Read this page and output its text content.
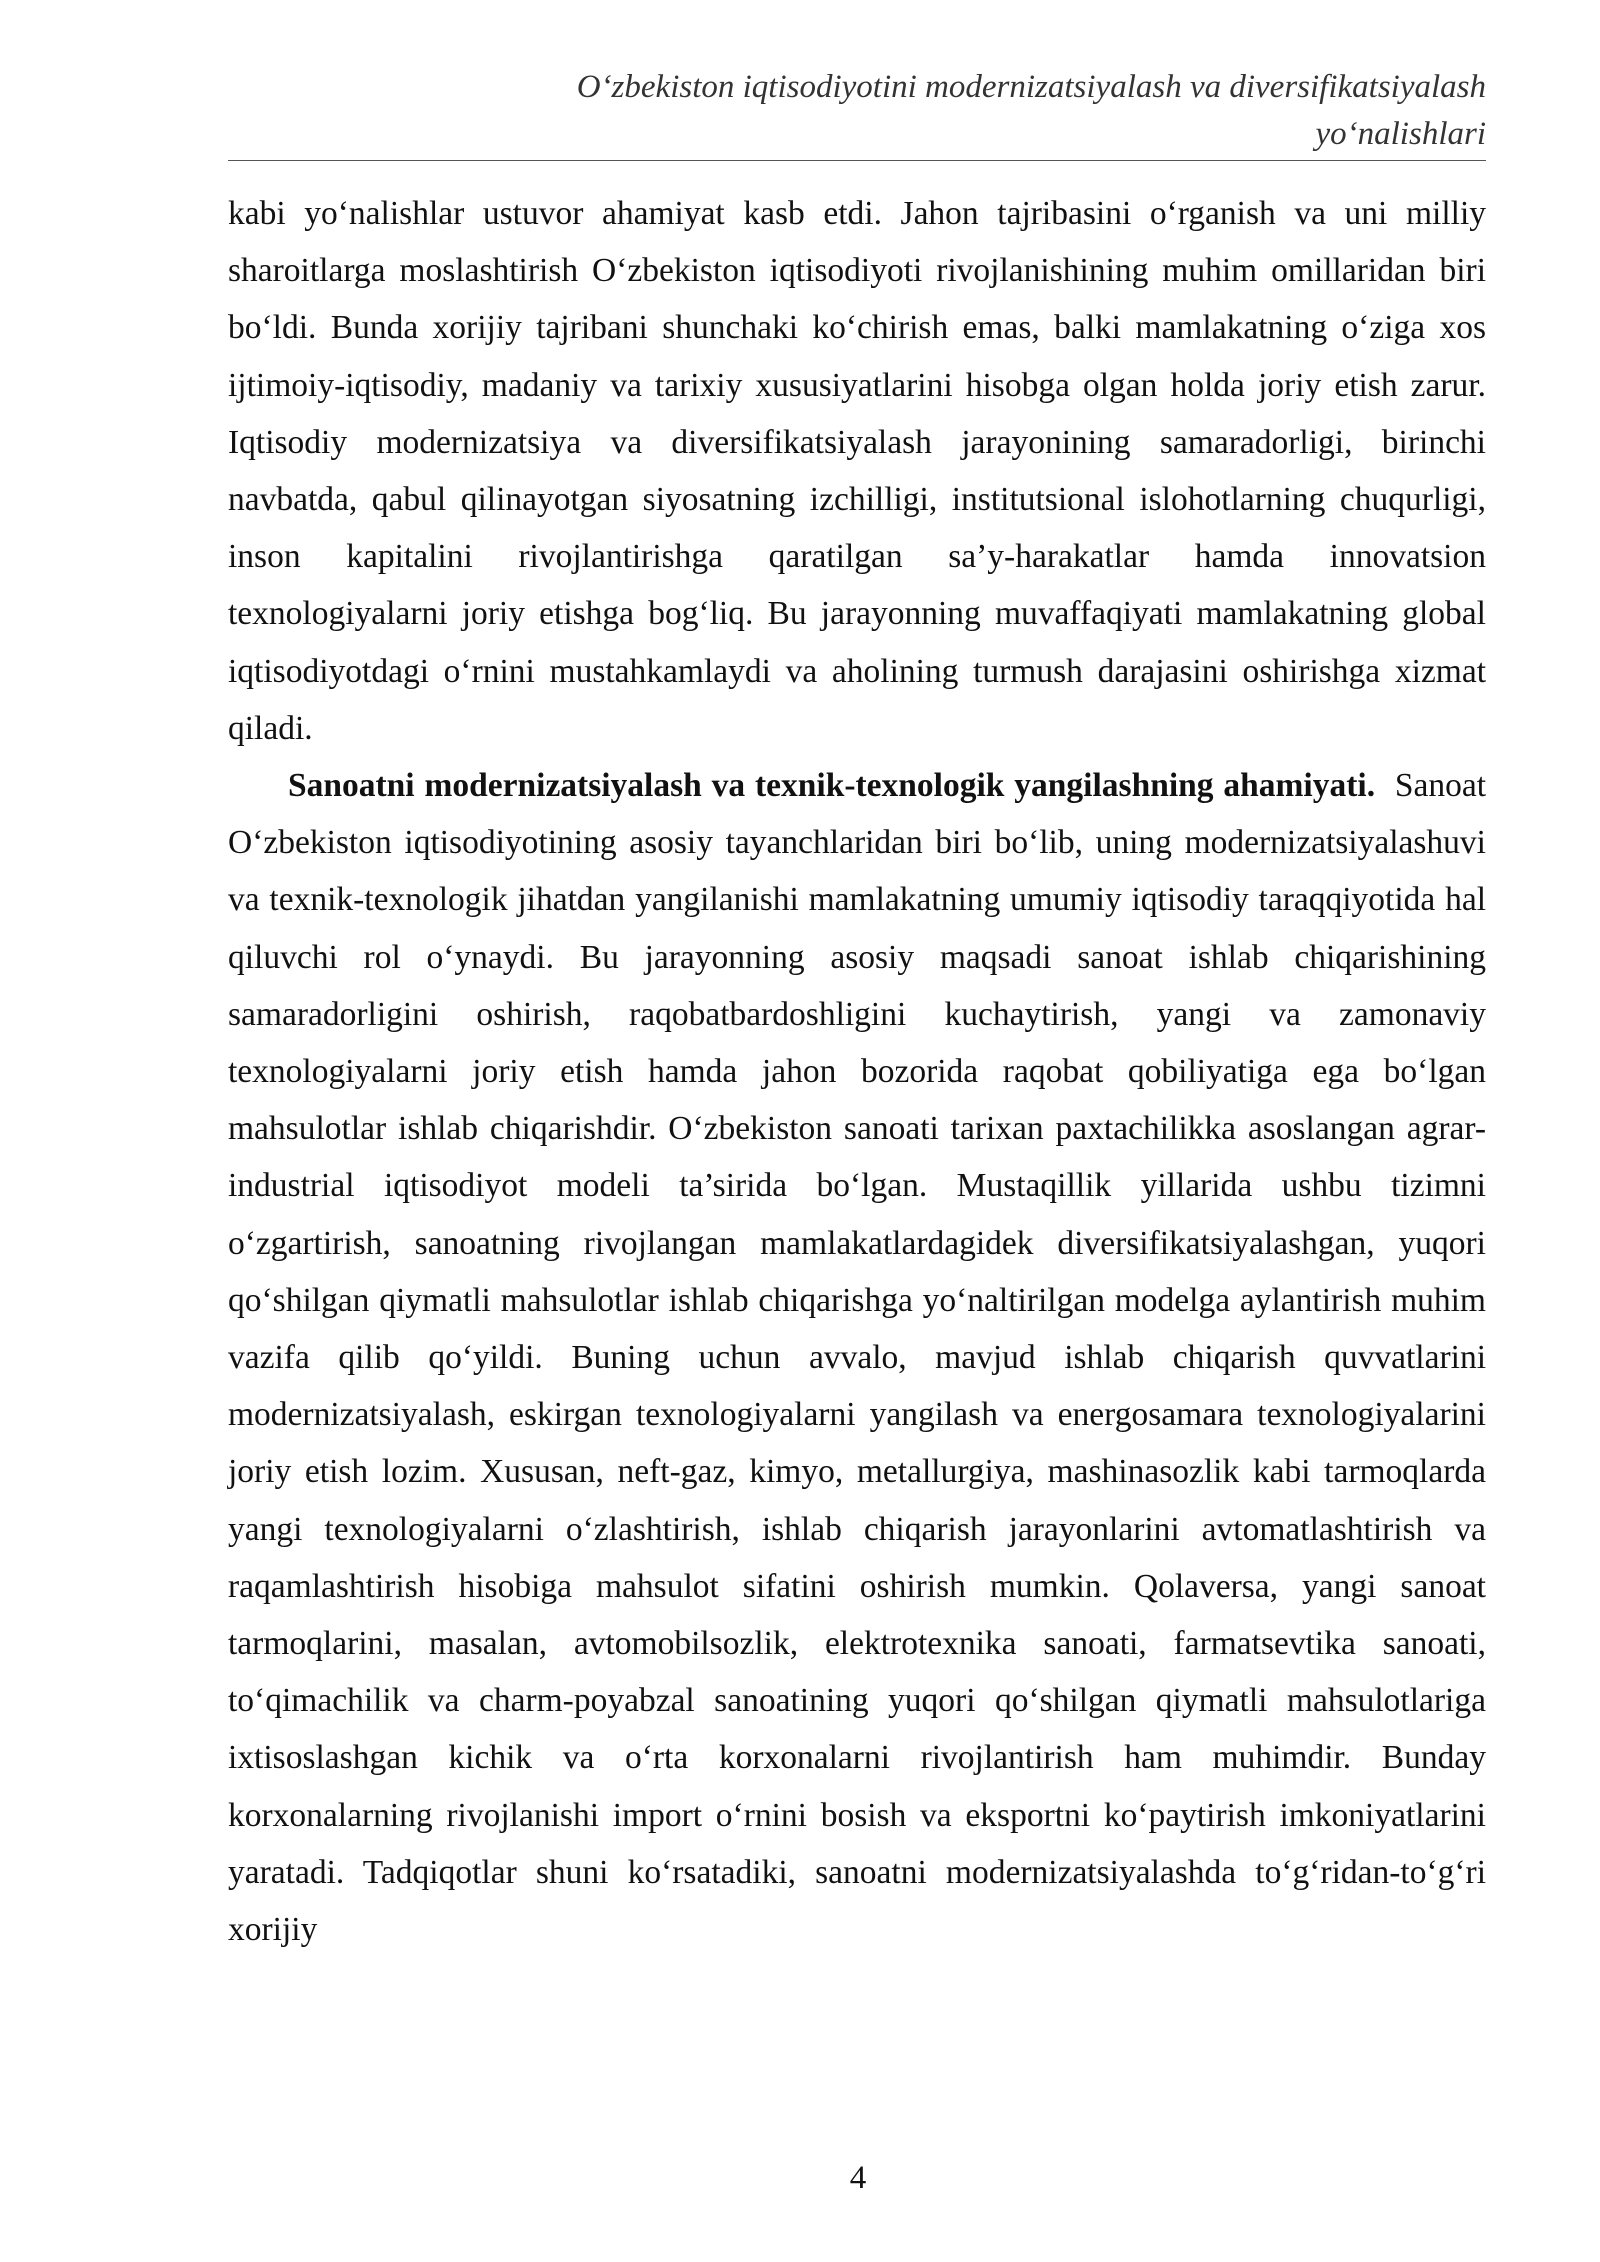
O‘zbekiston iqtisodiyotini modernizatsiyalash va diversifikatsiyalash
yo‘nalishlari

kabi yo‘nalishlar ustuvor ahamiyat kasb etdi. Jahon tajribasini o‘rganish va uni milliy sharoitlarga moslashtirish O‘zbekiston iqtisodiyoti rivojlanishining muhim omillaridan biri bo‘ldi. Bunda xorijiy tajribani shunchaki ko‘chirish emas, balki mamlakatning o‘ziga xos ijtimoiy-iqtisodiy, madaniy va tarixiy xususiyatlarini hisobga olgan holda joriy etish zarur. Iqtisodiy modernizatsiya va diversifikatsiyalash jarayonining samaradorligi, birinchi navbatda, qabul qilinayotgan siyosatning izchilligi, institutsional islohotlarning chuqurligi, inson kapitalini rivojlantirishga qaratilgan sa’y-harakatlar hamda innovatsion texnologiyalarni joriy etishga bog‘liq. Bu jarayonning muvaffaqiyati mamlakatning global iqtisodiyotdagi o‘rnini mustahkamlaydi va aholining turmush darajasini oshirishga xizmat qiladi.

Sanoatni modernizatsiyalash va texnik-texnologik yangilashning ahamiyati. Sanoat O‘zbekiston iqtisodiyotining asosiy tayanchlaridan biri bo‘lib, uning modernizatsiyalashuvi va texnik-texnologik jihatdan yangilanishi mamlakatning umumiy iqtisodiy taraqqiyotida hal qiluvchi rol o‘ynaydi. Bu jarayonning asosiy maqsadi sanoat ishlab chiqarishining samaradorligini oshirish, raqobatbardoshligini kuchaytirish, yangi va zamonaviy texnologiyalarni joriy etish hamda jahon bozorida raqobat qobiliyatiga ega bo‘lgan mahsulotlar ishlab chiqarishdir. O‘zbekiston sanoati tarixan paxtachilikka asoslangan agrar-industrial iqtisodiyot modeli ta’sirida bo‘lgan. Mustaqillik yillarida ushbu tizimni o‘zgartirish, sanoatning rivojlangan mamlakatlardagidek diversifikatsiyalashgan, yuqori qo‘shilgan qiymatli mahsulotlar ishlab chiqarishga yo‘naltirilgan modelga aylantirish muhim vazifa qilib qo‘yildi. Buning uchun avvalo, mavjud ishlab chiqarish quvvatlarini modernizatsiyalash, eskirgan texnologiyalarni yangilash va energosamara texnologiyalarini joriy etish lozim. Xususan, neft-gaz, kimyo, metallurgiya, mashinasozlik kabi tarmoqlarda yangi texnologiyalarni o‘zlashtirish, ishlab chiqarish jarayonlarini avtomatlashtirish va raqamlashtirish hisobiga mahsulot sifatini oshirish mumkin. Qolaversa, yangi sanoat tarmoqlarini, masalan, avtomobilsozlik, elektrotexnika sanoati, farmatsevtika sanoati, to‘qimachilik va charm-poyabzal sanoatining yuqori qo‘shilgan qiymatli mahsulotlariga ixtisoslashgan kichik va o‘rta korxonalarni rivojlantirish ham muhimdir. Bunday korxonalarning rivojlanishi import o‘rnini bosish va eksportni ko‘paytirish imkoniyatlarini yaratadi. Tadqiqotlar shuni ko‘rsatadiki, sanoatni modernizatsiyalashda to‘g‘ridan-to‘g‘ri xorijiy

4
